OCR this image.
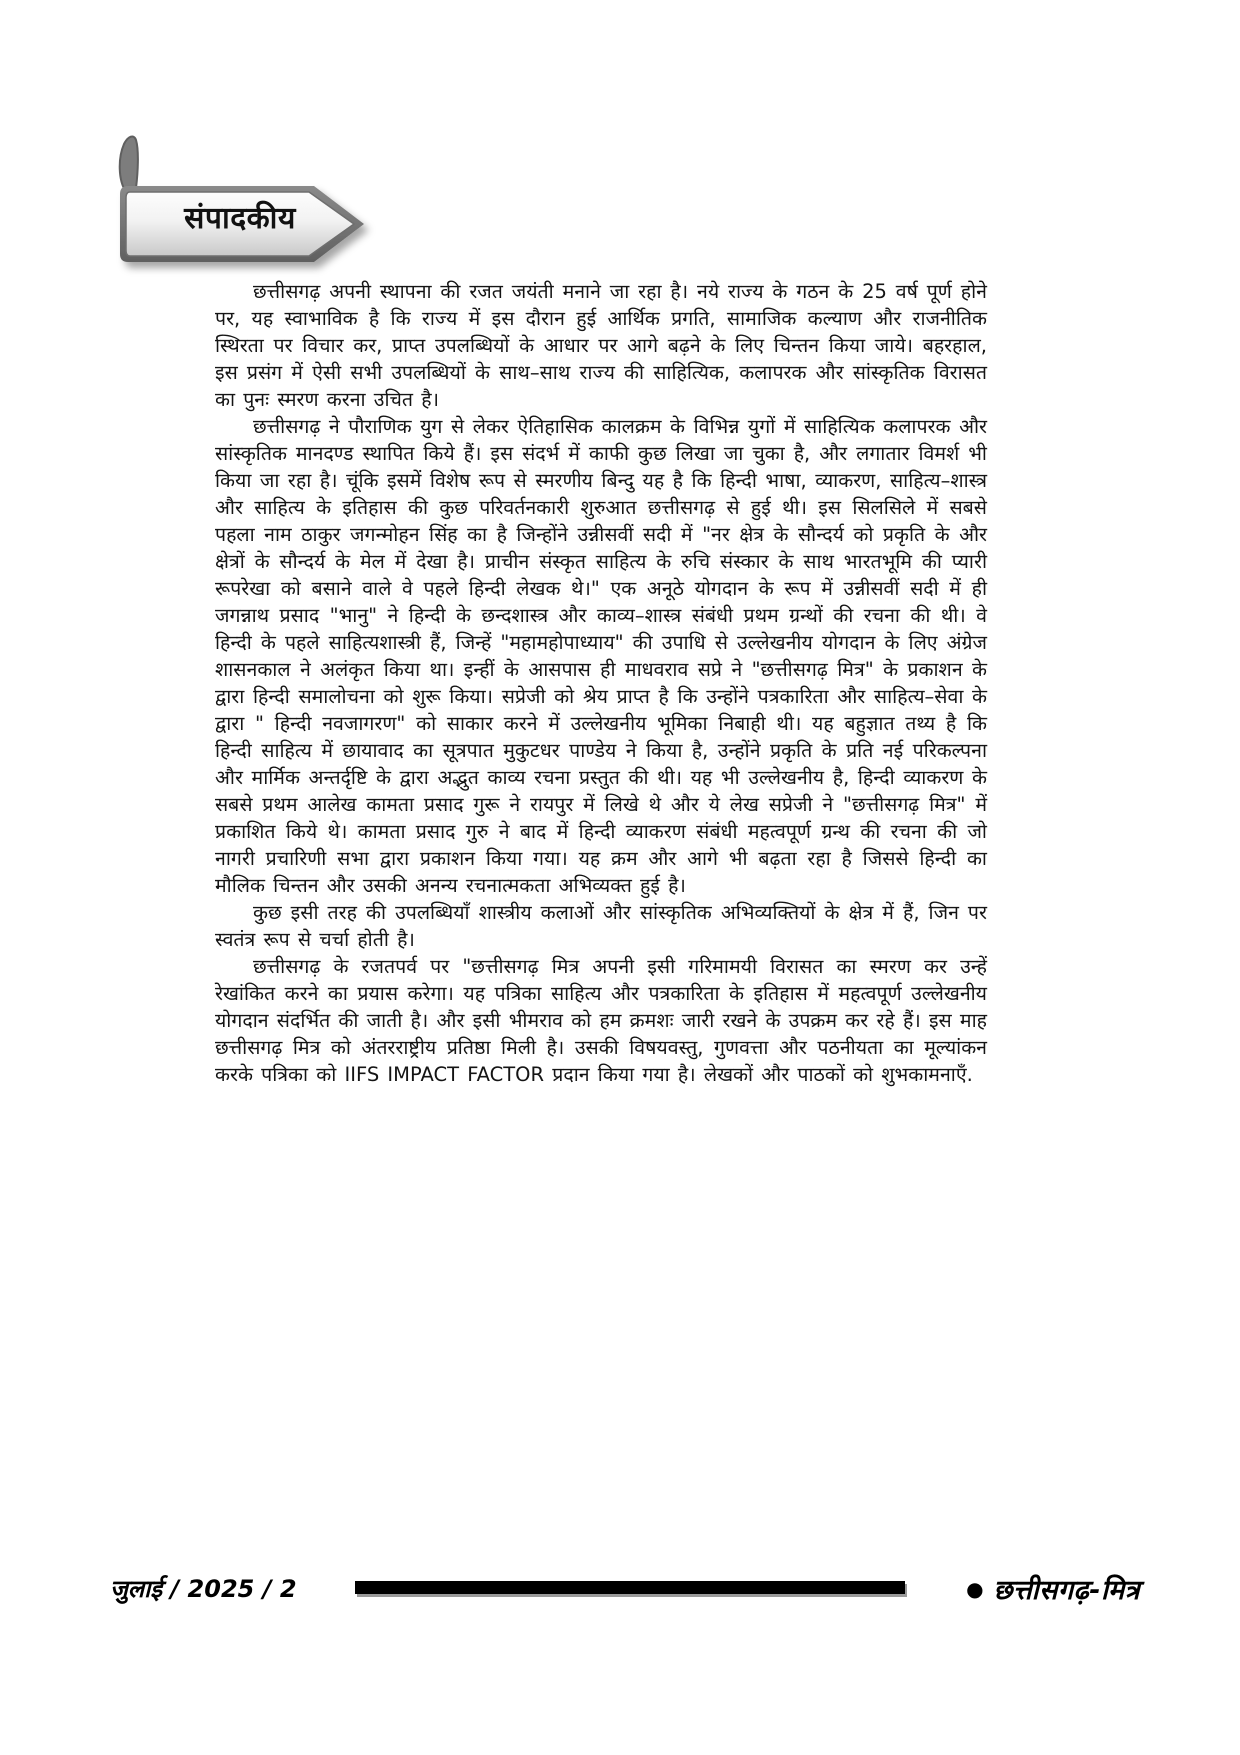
संपादकीय

छत्तीसगढ़ अपनी स्थापना की रजत जयंती मनाने जा रहा है। नये राज्य के गठन के 25 वर्ष पूर्ण होने पर, यह स्वाभाविक है कि राज्य में इस दौरान हुई आर्थिक प्रगति, सामाजिक कल्याण और राजनीतिक स्थिरता पर विचार कर, प्राप्त उपलब्धियों के आधार पर आगे बढ़ने के लिए चिन्तन किया जाये। बहरहाल, इस प्रसंग में ऐसी सभी उपलब्धियों के साथ–साथ राज्य की साहित्यिक, कलापरक और सांस्कृतिक विरासत का पुनः स्मरण करना उचित है।

छत्तीसगढ़ ने पौराणिक युग से लेकर ऐतिहासिक कालक्रम के विभिन्न युगों में साहित्यिक कलापरक और सांस्कृतिक मानदण्ड स्थापित किये हैं। इस संदर्भ में काफी कुछ लिखा जा चुका है, और लगातार विमर्श भी किया जा रहा है। चूंकि इसमें विशेष रूप से स्मरणीय बिन्दु यह है कि हिन्दी भाषा, व्याकरण, साहित्य–शास्त्र और साहित्य के इतिहास की कुछ परिवर्तनकारी शुरुआत छत्तीसगढ़ से हुई थी। इस सिलसिले में सबसे पहला नाम ठाकुर जगन्मोहन सिंह का है जिन्होंने उन्नीसवीं सदी में "नर क्षेत्र के सौन्दर्य को प्रकृति के और क्षेत्रों के सौन्दर्य के मेल में देखा है। प्राचीन संस्कृत साहित्य के रुचि संस्कार के साथ भारतभूमि की प्यारी रूपरेखा को बसाने वाले वे पहले हिन्दी लेखक थे।" एक अनूठे योगदान के रूप में उन्नीसवीं सदी में ही जगन्नाथ प्रसाद "भानु" ने हिन्दी के छन्दशास्त्र और काव्य–शास्त्र संबंधी प्रथम ग्रन्थों की रचना की थी। वे हिन्दी के पहले साहित्यशास्त्री हैं, जिन्हें "महामहोपाध्याय" की उपाधि से उल्लेखनीय योगदान के लिए अंग्रेज शासनकाल ने अलंकृत किया था। इन्हीं के आसपास ही माधवराव सप्रे ने "छत्तीसगढ़ मित्र" के प्रकाशन के द्वारा हिन्दी समालोचना को शुरू किया। सप्रेजी को श्रेय प्राप्त है कि उन्होंने पत्रकारिता और साहित्य–सेवा के द्वारा " हिन्दी नवजागरण" को साकार करने में उल्लेखनीय भूमिका निबाही थी। यह बहुज्ञात तथ्य है कि हिन्दी साहित्य में छायावाद का सूत्रपात मुकुटधर पाण्डेय ने किया है, उन्होंने प्रकृति के प्रति नई परिकल्पना और मार्मिक अन्तर्दृष्टि के द्वारा अद्भुत काव्य रचना प्रस्तुत की थी। यह भी उल्लेखनीय है, हिन्दी व्याकरण के सबसे प्रथम आलेख कामता प्रसाद गुरू ने रायपुर में लिखे थे और ये लेख सप्रेजी ने "छत्तीसगढ़ मित्र" में प्रकाशित किये थे। कामता प्रसाद गुरु ने बाद में हिन्दी व्याकरण संबंधी महत्वपूर्ण ग्रन्थ की रचना की जो नागरी प्रचारिणी सभा द्वारा प्रकाशन किया गया। यह क्रम और आगे भी बढ़ता रहा है जिससे हिन्दी का मौलिक चिन्तन और उसकी अनन्य रचनात्मकता अभिव्यक्त हुई है।

कुछ इसी तरह की उपलब्धियाँ शास्त्रीय कलाओं और सांस्कृतिक अभिव्यक्तियों के क्षेत्र में हैं, जिन पर स्वतंत्र रूप से चर्चा होती है।

छत्तीसगढ़ के रजतपर्व पर "छत्तीसगढ़ मित्र अपनी इसी गरिमामयी विरासत का स्मरण कर उन्हें रेखांकित करने का प्रयास करेगा। यह पत्रिका साहित्य और पत्रकारिता के इतिहास में महत्वपूर्ण उल्लेखनीय योगदान संदर्भित की जाती है। और इसी भीमराव को हम क्रमशः जारी रखने के उपक्रम कर रहे हैं। इस माह छत्तीसगढ़ मित्र को अंतरराष्ट्रीय प्रतिष्ठा मिली है। उसकी विषयवस्तु, गुणवत्ता और पठनीयता का मूल्यांकन करके पत्रिका को IIFS IMPACT FACTOR प्रदान किया गया है। लेखकों और पाठकों को शुभकामनाएँ.

जुलाई / 2025 / 2	● छत्तीसगढ़-मित्र
